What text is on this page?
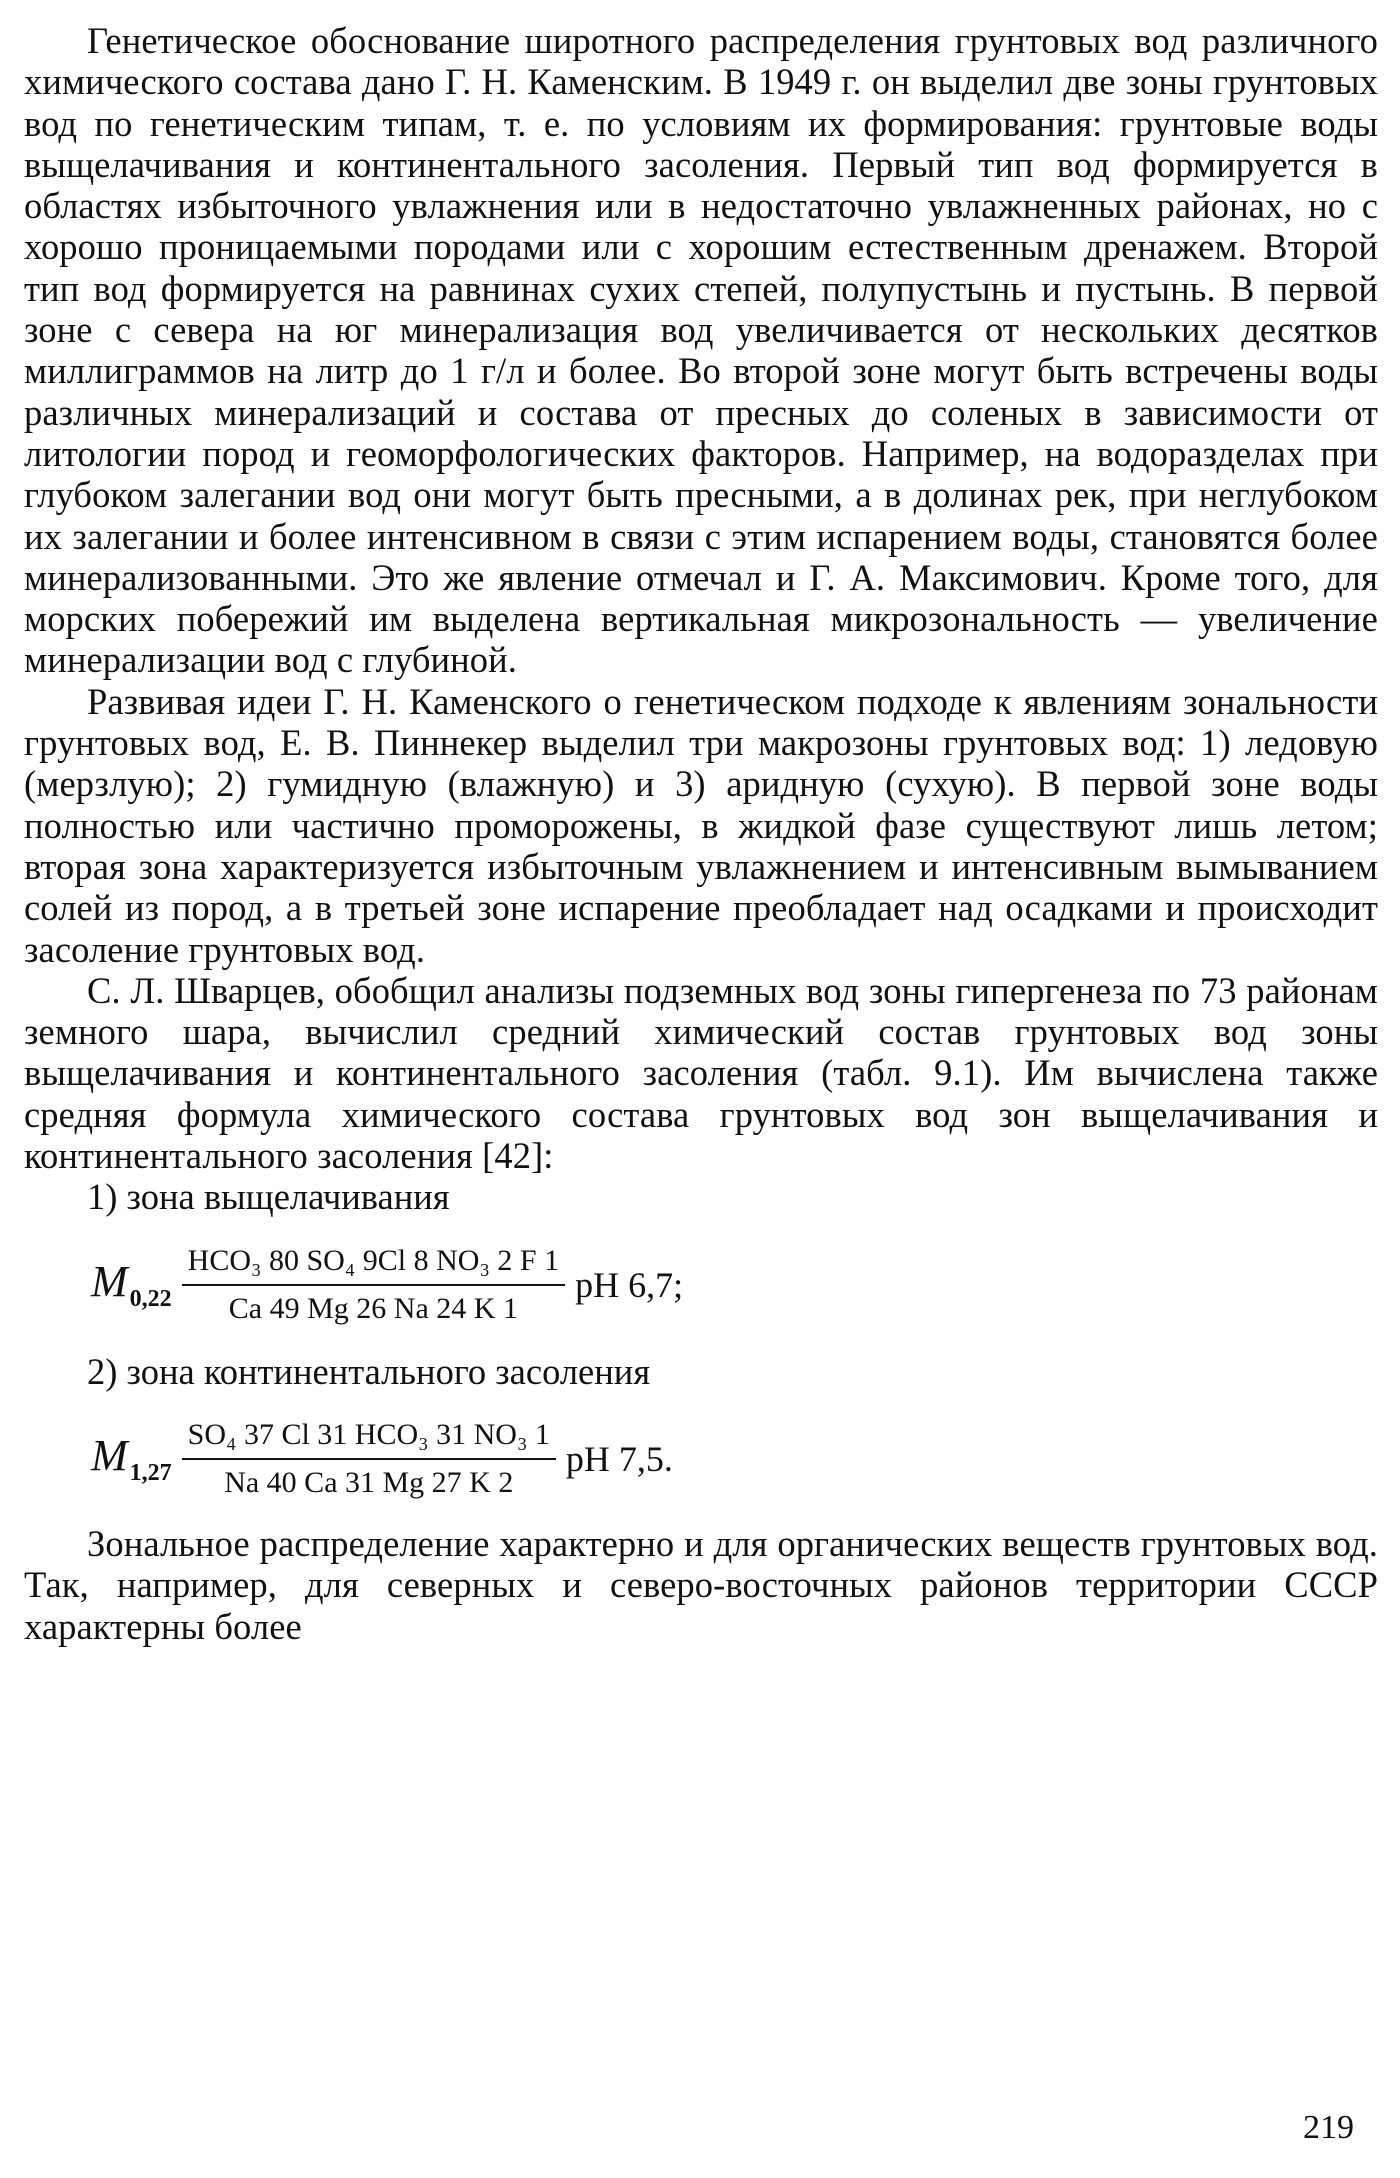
Генетическое обоснование широтного распределения грунтовых вод различного химического состава дано Г. Н. Каменским. В 1949 г. он выделил две зоны грунтовых вод по генетическим типам, т. е. по условиям их формирования: грунтовые воды выщелачивания и континентального засоления. Первый тип вод формируется в областях избыточного увлажнения или в недостаточно увлажненных районах, но с хорошо проницаемыми породами или с хорошим естественным дренажем. Второй тип вод формируется на равнинах сухих степей, полупустынь и пустынь. В первой зоне с севера на юг минерализация вод увеличивается от нескольких десятков миллиграммов на литр до 1 г/л и более. Во второй зоне могут быть встречены воды различных минерализаций и состава от пресных до соленых в зависимости от литологии пород и геоморфологических факторов. Например, на водоразделах при глубоком залегании вод они могут быть пресными, а в долинах рек, при неглубоком их залегании и более интенсивном в связи с этим испарением воды, становятся более минерализованными. Это же явление отмечал и Г. А. Максимович. Кроме того, для морских побережий им выделена вертикальная микрозональность — увеличение минерализации вод с глубиной.

Развивая идеи Г. Н. Каменского о генетическом подходе к явлениям зональности грунтовых вод, Е. В. Пиннекер выделил три макрозоны грунтовых вод: 1) ледовую (мерзлую); 2) гумидную (влажную) и 3) аридную (сухую). В первой зоне воды полностью или частично проморожены, в жидкой фазе существуют лишь летом; вторая зона характеризуется избыточным увлажнением и интенсивным вымыванием солей из пород, а в третьей зоне испарение преобладает над осадками и происходит засоление грунтовых вод.

С. Л. Шварцев, обобщил анализы подземных вод зоны гипергенеза по 73 районам земного шара, вычислил средний химический состав грунтовых вод зоны выщелачивания и континентального засоления (табл. 9.1). Им вычислена также средняя формула химического состава грунтовых вод зон выщелачивания и континентального засоления [42]:

1) зона выщелачивания

M $0,22 \frac{\text{HCO₃ 80 SO₄ 9Cl 8 NO₃ 2 F 1}}{Ca 49 Mg 26 Na 24 K 1}$ pH 6,7;

2) зона континентального засоления

M $1,27 \frac{\text{SO₄ 37 Cl 31 HCO₃ 31 NO₃ 1}}{Na 40 Ca 31 Mg 27 K 2}$ pH 7,5.

Зональное распределение характерно и для органических веществ грунтовых вод. Так, например, для северных и северо-восточных районов территории СССР характерны более

219
